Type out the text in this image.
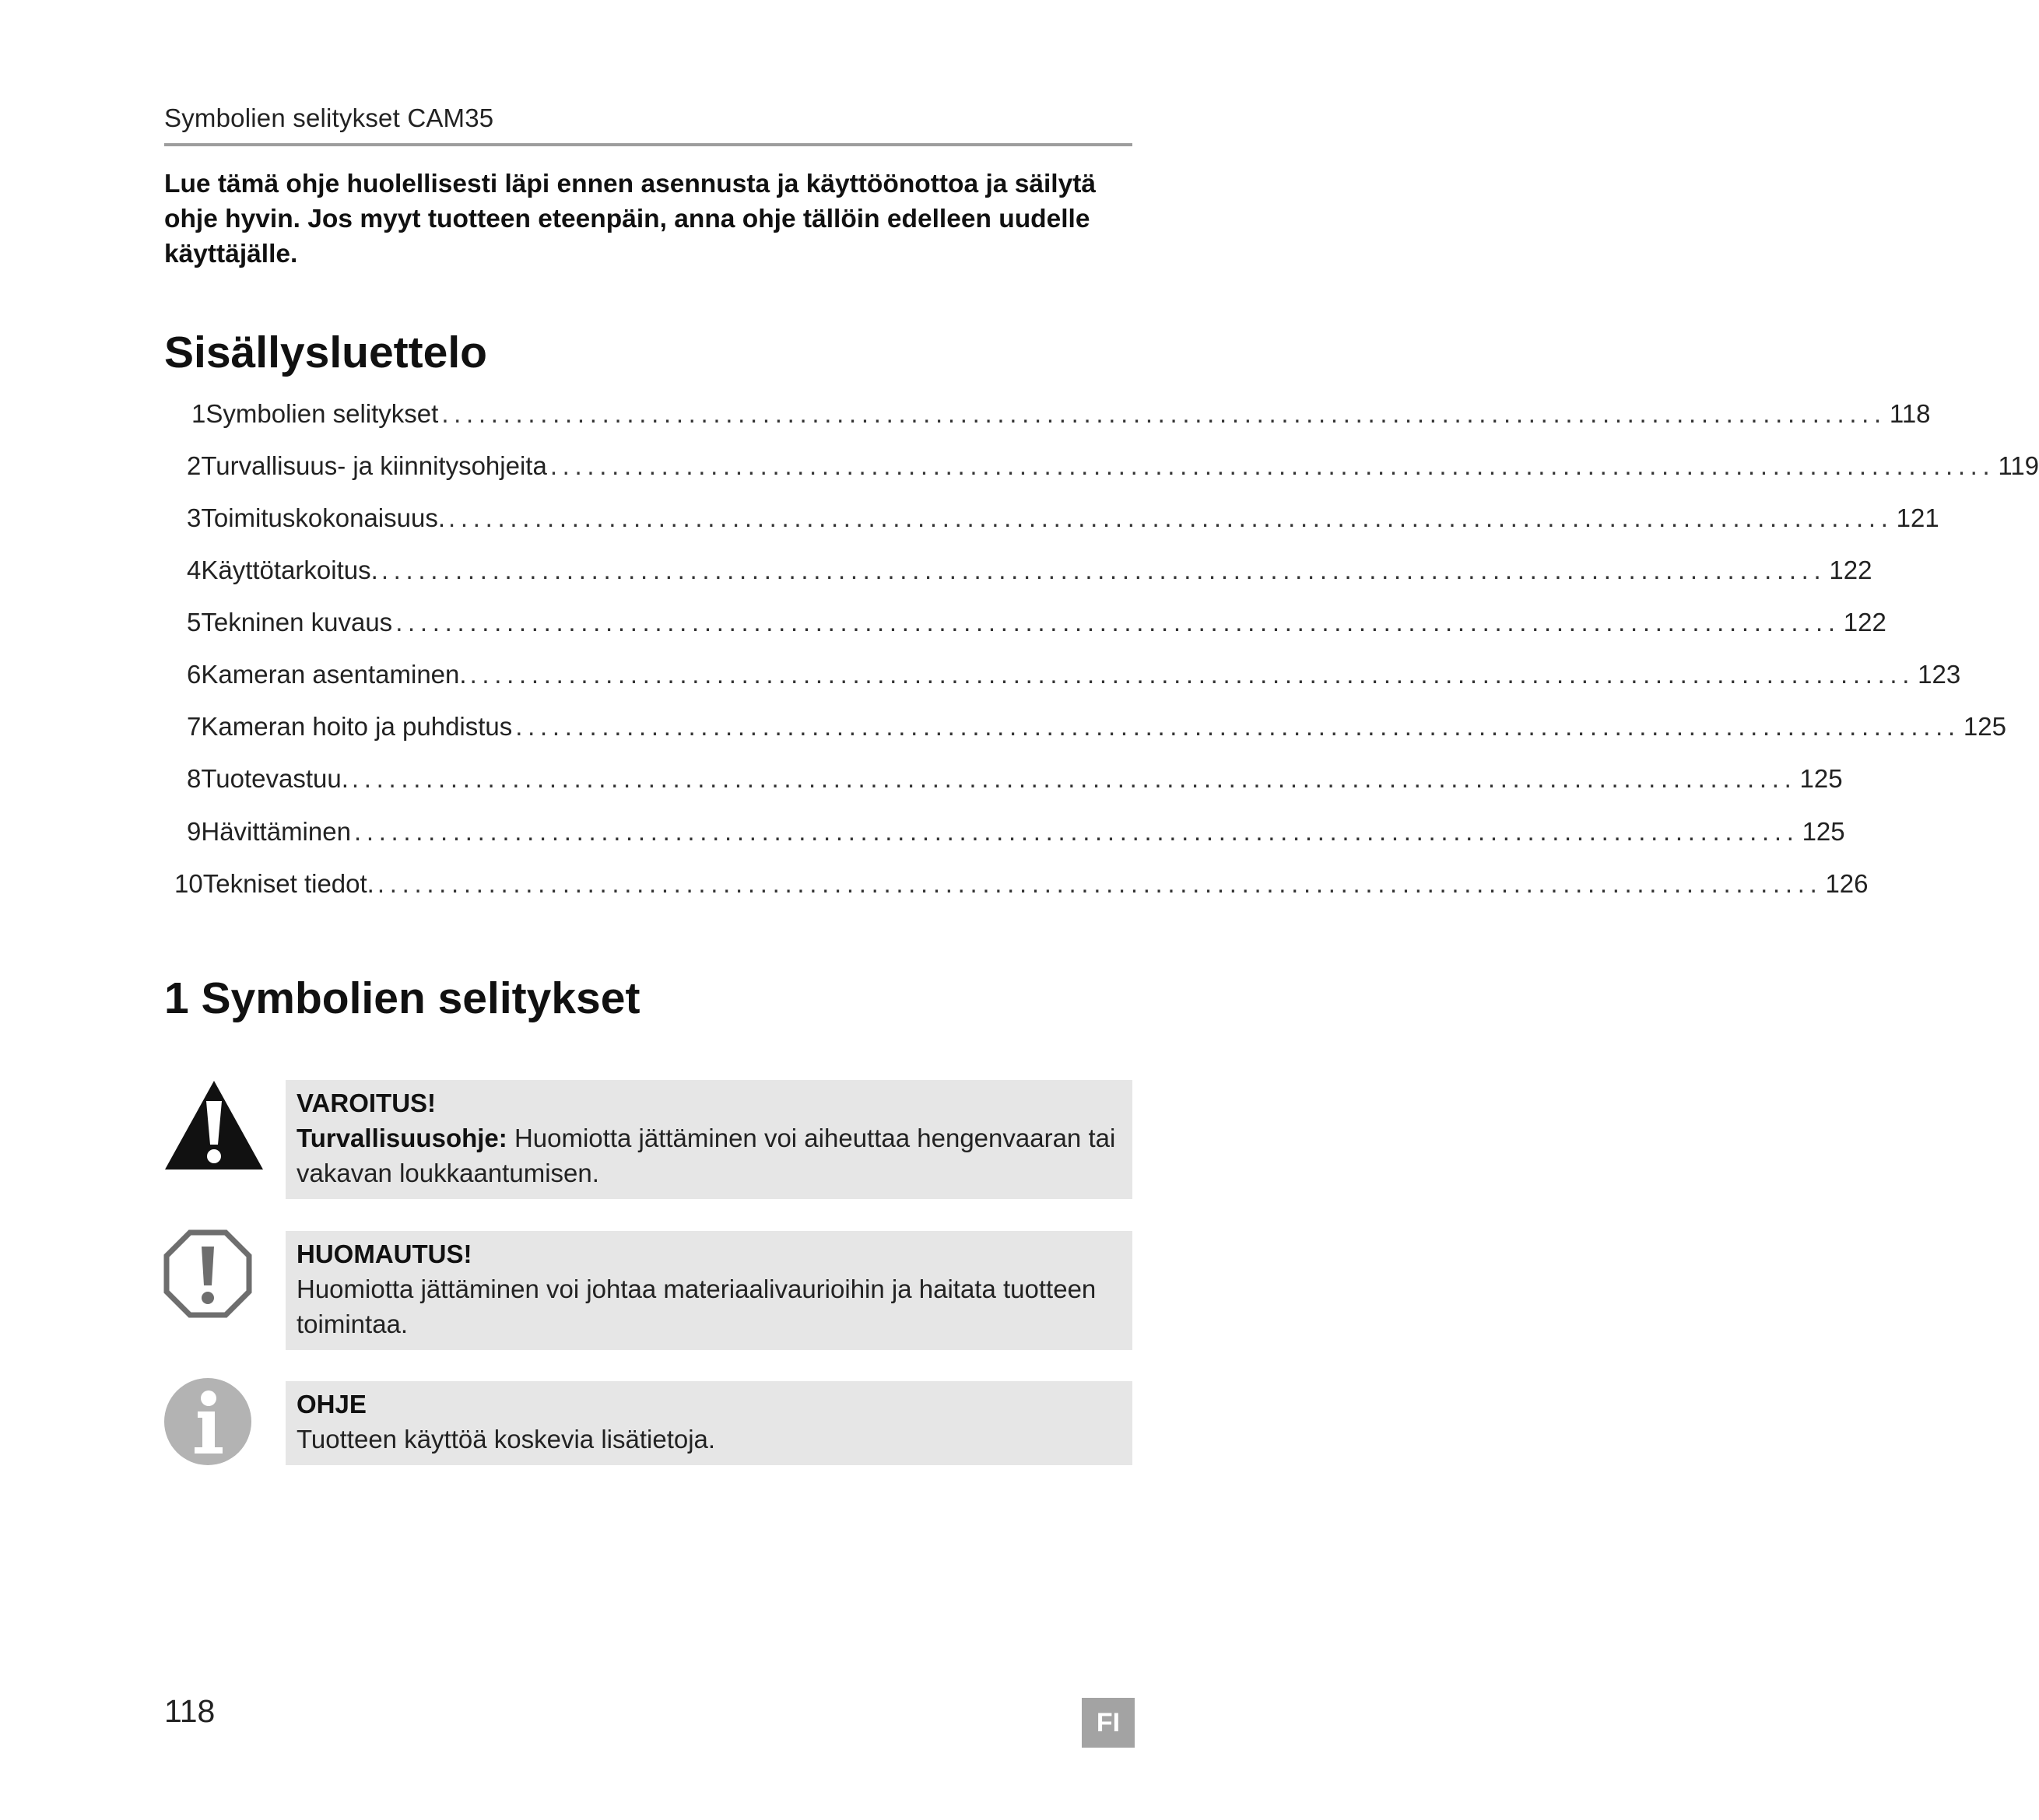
Symbolien selitykset CAM35
Lue tämä ohje huolellisesti läpi ennen asennusta ja käyttöönottoa ja säilytä ohje hyvin. Jos myyt tuotteen eteenpäin, anna ohje tällöin edelleen uudelle käyttäjälle.
Sisällysluettelo
1 Symbolien selitykset ..................................................................................................................... 118
2 Turvallisuus- ja kiinnitysohjeita ..................................................................................................................... 119
3 Toimituskokonaisuus. ..................................................................................................................... 121
4 Käyttötarkoitus. ..................................................................................................................... 122
5 Tekninen kuvaus ..................................................................................................................... 122
6 Kameran asentaminen. ..................................................................................................................... 123
7 Kameran hoito ja puhdistus ..................................................................................................................... 125
8 Tuotevastuu. ..................................................................................................................... 125
9 Hävittäminen ..................................................................................................................... 125
10 Tekniset tiedot. ..................................................................................................................... 126
1 Symbolien selitykset
VAROITUS!
Turvallisuusohje: Huomiotta jättäminen voi aiheuttaa hengenvaaran tai vakavan loukkaantumisen.
HUOMAUTUS!
Huomiotta jättäminen voi johtaa materiaalivaurioihin ja haitata tuotteen toimintaa.
OHJE
Tuotteen käyttöä koskevia lisätietoja.
118	FI
